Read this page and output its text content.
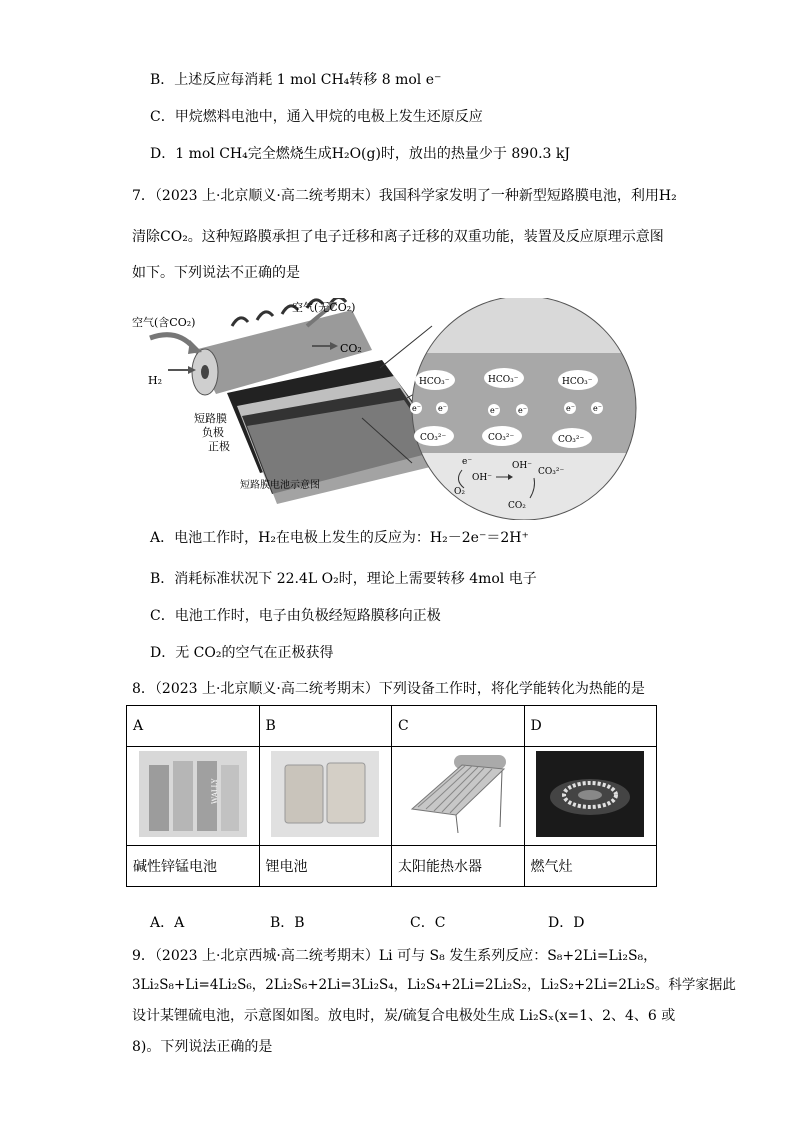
B．上述反应每消耗 1 mol CH₄转移 8 mol e⁻
C．甲烷燃料电池中，通入甲烷的电极上发生还原反应
D．1 mol CH₄完全燃烧生成H₂O(g)时，放出的热量少于 890.3 kJ
7．（2023 上·北京顺义·高二统考期末）我国科学家发明了一种新型短路膜电池，利用H₂
清除CO₂。这种短路膜承担了电子迁移和离子迁移的双重功能，装置及反应原理示意图
如下。下列说法不正确的是
空气(含CO₂)
空气(无CO₂)
CO₂
H₂
短路膜
负极
正极
短路膜电池示意图
HCO₃⁻	HCO₃⁻	HCO₃⁻
e⁻ e⁻	e⁻ e⁻	e⁻ e⁻
CO₃²⁻	CO₃²⁻	CO₃²⁻
e⁻	OH⁻
OH⁻
O₂
CO₃²⁻
CO₂
A．电池工作时，H₂在电极上发生的反应为：H₂－2e⁻＝2H⁺
B．消耗标准状况下 22.4L O₂时，理论上需要转移 4mol 电子
C．电池工作时，电子由负极经短路膜移向正极
D．无 CO₂的空气在正极获得
8．（2023 上·北京顺义·高二统考期末）下列设备工作时，将化学能转化为热能的是
A	B	C	D

WALLY

碱性锌锰电池	锂电池	太阳能热水器	燃气灶
A．A	B．B	C．C	D．D
9．（2023 上·北京西城·高二统考期末）Li 可与 S₈ 发生系列反应：S₈+2Li=Li₂S₈，
3Li₂S₈+Li=4Li₂S₆，2Li₂S₆+2Li=3Li₂S₄，Li₂S₄+2Li=2Li₂S₂，Li₂S₂+2Li=2Li₂S。科学家据此
设计某锂硫电池，示意图如图。放电时，炭/硫复合电极处生成 Li₂Sₓ(x=1、2、4、6 或
8)。下列说法正确的是
